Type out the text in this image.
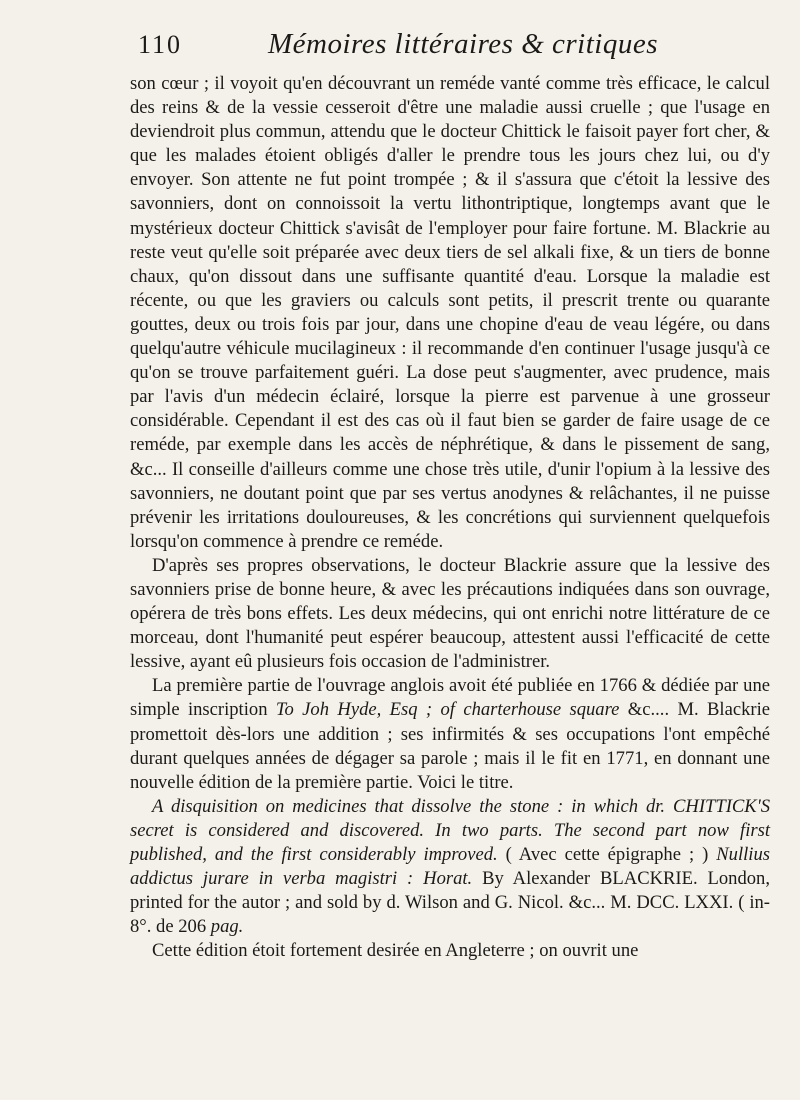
110	Mémoires littéraires & critiques

son cœur ; il voyoit qu'en découvrant un reméde vanté comme très efficace, le calcul des reins & de la vessie cesseroit d'être une maladie aussi cruelle ; que l'usage en deviendroit plus commun, attendu que le docteur Chittick le faisoit payer fort cher, & que les malades étoient obligés d'aller le prendre tous les jours chez lui, ou d'y envoyer. Son attente ne fut point trompée ; & il s'assura que c'étoit la lessive des savonniers, dont on connoissoit la vertu lithontriptique, longtemps avant que le mystérieux docteur Chittick s'avisât de l'employer pour faire fortune. M. Blackrie au reste veut qu'elle soit préparée avec deux tiers de sel alkali fixe, & un tiers de bonne chaux, qu'on dissout dans une suffisante quantité d'eau. Lorsque la maladie est récente, ou que les graviers ou calculs sont petits, il prescrit trente ou quarante gouttes, deux ou trois fois par jour, dans une chopine d'eau de veau légére, ou dans quelqu'autre véhicule mucilagineux : il recommande d'en continuer l'usage jusqu'à ce qu'on se trouve parfaitement guéri. La dose peut s'augmenter, avec prudence, mais par l'avis d'un médecin éclairé, lorsque la pierre est parvenue à une grosseur considérable. Cependant il est des cas où il faut bien se garder de faire usage de ce reméde, par exemple dans les accès de néphrétique, & dans le pissement de sang, &c... Il conseille d'ailleurs comme une chose très utile, d'unir l'opium à la lessive des savonniers, ne doutant point que par ses vertus anodynes & relâchantes, il ne puisse prévenir les irritations douloureuses, & les concrétions qui surviennent quelquefois lorsqu'on commence à prendre ce reméde.

D'après ses propres observations, le docteur Blackrie assure que la lessive des savonniers prise de bonne heure, & avec les précautions indiquées dans son ouvrage, opérera de très bons effets. Les deux médecins, qui ont enrichi notre littérature de ce morceau, dont l'humanité peut espérer beaucoup, attestent aussi l'efficacité de cette lessive, ayant eû plusieurs fois occasion de l'administrer.

La première partie de l'ouvrage anglois avoit été publiée en 1766 & dédiée par une simple inscription To Joh Hyde, Esq ; of charterhouse square &c.... M. Blackrie promettoit dès-lors une addition ; ses infirmités & ses occupations l'ont empêché durant quelques années de dégager sa parole ; mais il le fit en 1771, en donnant une nouvelle édition de la première partie. Voici le titre.

A disquisition on medicines that dissolve the stone : in which dr. CHITTICK'S secret is considered and discovered. In two parts. The second part now first published, and the first considerably improved. ( Avec cette épigraphe ; ) Nullius addictus jurare in verba magistri : Horat. By Alexander BLACKRIE. London, printed for the autor ; and sold by d. Wilson and G. Nicol. &c... M. DCC. LXXI. ( in-8°. de 206 pag.

Cette édition étoit fortement desirée en Angleterre ; on ouvrit une
